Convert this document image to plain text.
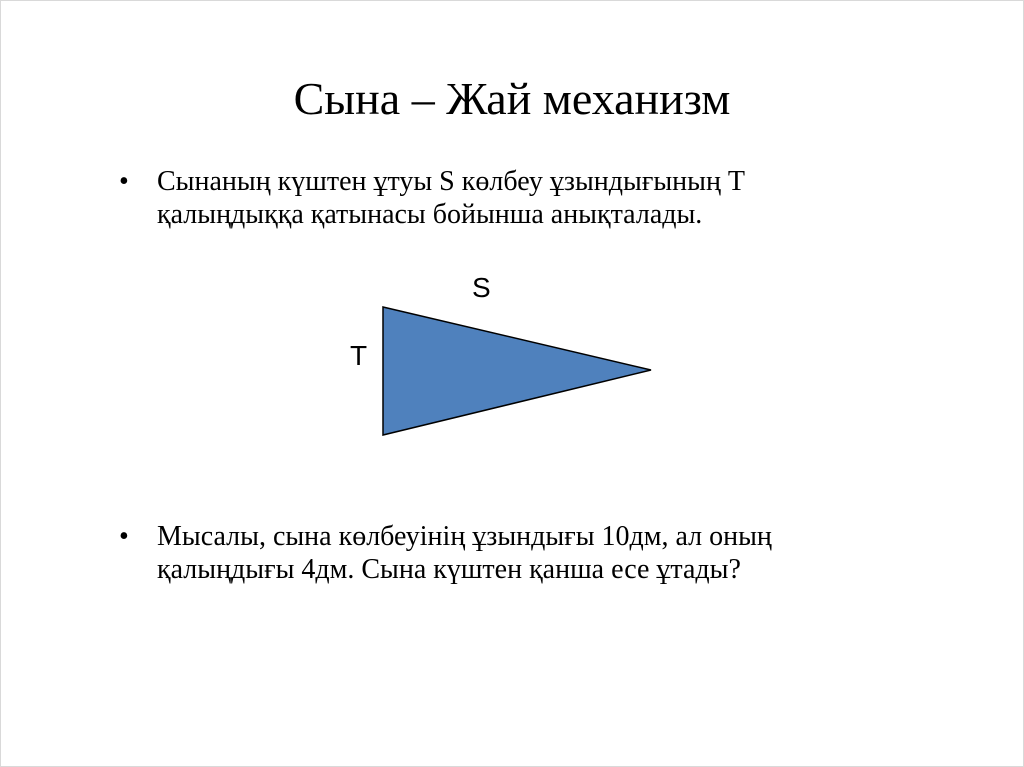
Сына – Жай механизм
• Сынаның күштен ұтуы S көлбеу ұзындығының Т
қалыңдыққа қатынасы бойынша анықталады.
• Мысалы, сына көлбеуінің ұзындығы 10дм, ал оның
қалыңдығы 4дм. Сына күштен қанша есе ұтады?
S
T
